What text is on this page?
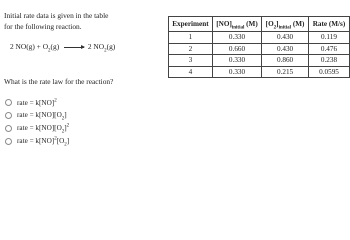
Initial rate data is given in the table for the following reaction.
2 $NO(g) + O_2(g) \to 2$ $NO_2(g)$
What is the rate law for the reaction?
rate = k[NO]$^2$
rate = $k[NO][O_2]$
rate = $k[NO][O_2]^2$
rate = $k[NO]^2[O_2]$
Experiment	$[NO]_{initial}$ (M)	$[O_2]_{initial}$ (M)	Rate (M/s)
1	0.330	0.430	0.119
2	0.660	0.430	0.476
3	0.330	0.860	0.238
4	0.330	0.215	0.0595
